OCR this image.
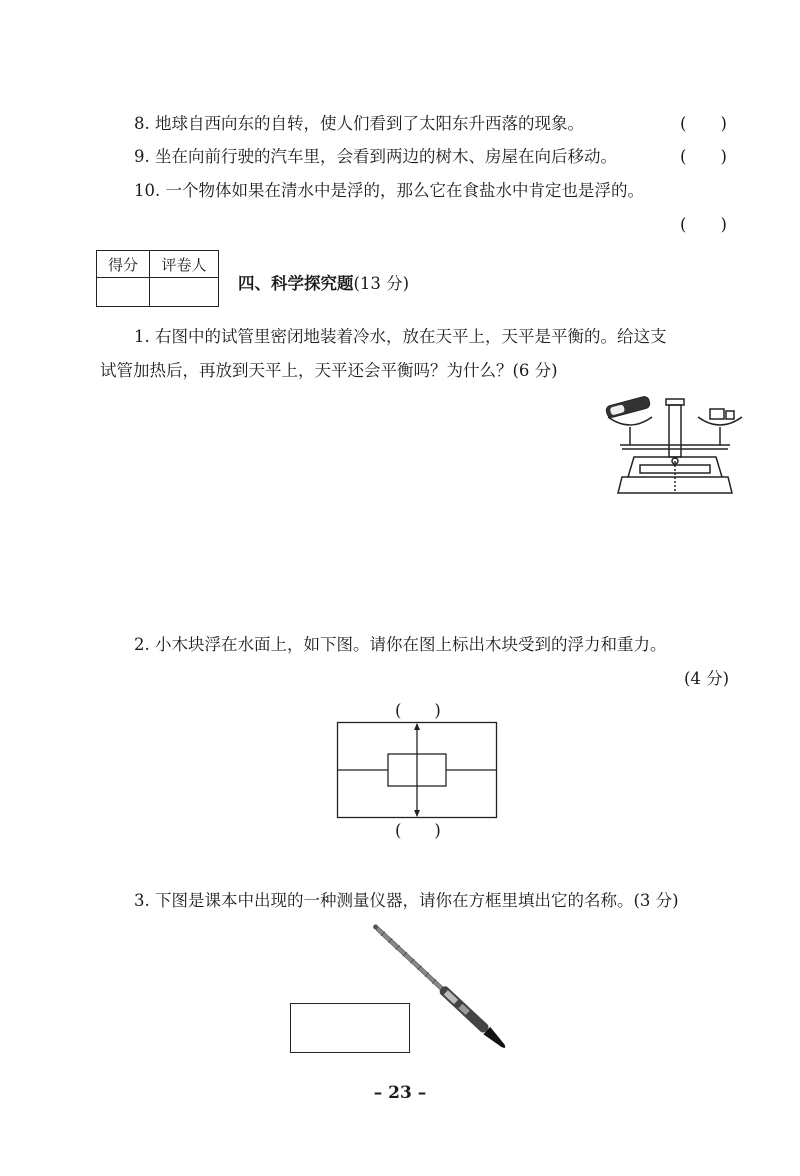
8. 地球自西向东的自转，使人们看到了太阳东升西落的现象。	( )
9. 坐在向前行驶的汽车里，会看到两边的树木、房屋在向后移动。	( )
10. 一个物体如果在清水中是浮的，那么它在食盐水中肯定也是浮的。
( )
得分	评卷人

四、科学探究题(13 分)
1. 右图中的试管里密闭地装着冷水，放在天平上，天平是平衡的。给这支
试管加热后，再放到天平上，天平还会平衡吗？为什么？(6 分)
2. 小木块浮在水面上，如下图。请你在图上标出木块受到的浮力和重力。
(4 分)
(　　)
(　　)
3. 下图是课本中出现的一种测量仪器，请你在方框里填出它的名称。(3 分)
– 23 –
